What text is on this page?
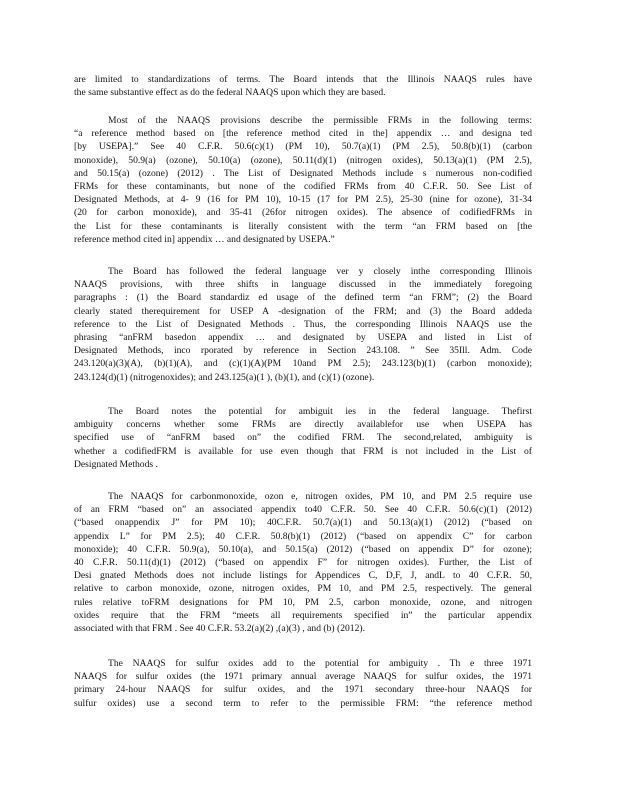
are limited to standardizations of terms. The Board intends that the Illinois NAAQS rules have
the same substantive effect as do the federal NAAQS upon which they are based.
Most of the NAAQS provisions describe the permissible FRMs in the following terms:
“a reference method based on [the reference method cited in the] appendix … and designa ted
[by USEPA].” See 40 C.F.R. 50.6(c)(1) (PM 10), 50.7(a)(1) (PM 2.5), 50.8(b)(1) (carbon
monoxide), 50.9(a) (ozone), 50.10(a) (ozone), 50.11(d)(1) (nitrogen oxides), 50.13(a)(1) (PM 2.5),
and 50.15(a) (ozone) (2012) . The List of Designated Methods include s numerous non-codified
FRMs for these contaminants, but none of the codified FRMs from 40 C.F.R. 50. See List of
Designated Methods, at 4- 9 (16 for PM 10), 10-15 (17 for PM 2.5), 25-30 (nine for ozone), 31-34
(20 for carbon monoxide), and 35-41 (26for nitrogen oxides). The absence of codifiedFRMs in
the List for these contaminants is literally consistent with the term “an FRM based on [the
reference method cited in] appendix … and designated by USEPA.”
The Board has followed the federal language ver y closely inthe corresponding Illinois
NAAQS provisions, with three shifts in language discussed in the immediately foregoing
paragraphs : (1) the Board standardiz ed usage of the defined term “an FRM”; (2) the Board
clearly stated therequirement for USEP A -designation of the FRM; and (3) the Board addeda
reference to the List of Designated Methods . Thus, the corresponding Illinois NAAQS use the
phrasing “anFRM basedon appendix … and designated by USEPA and listed in List of
Designated Methods, inco rporated by reference in Section 243.108. ” See 35Ill. Adm. Code
243.120(a)(3)(A), (b)(1)(A), and (c)(1)(A)(PM 10and PM 2.5); 243.123(b)(1) (carbon monoxide);
243.124(d)(1) (nitrogenoxides); and 243.125(a)(1 ), (b)(1), and (c)(1) (ozone).
The Board notes the potential for ambiguit ies in the federal language. Thefirst
ambiguity concerns whether some FRMs are directly availablefor use when USEPA has
specified use of “anFRM based on” the codified FRM. The second,related, ambiguity is
whether a codifiedFRM is available for use even though that FRM is not included in the List of
Designated Methods .
The NAAQS for carbonmonoxide, ozon e, nitrogen oxides, PM 10, and PM 2.5 require use
of an FRM “based on” an associated appendix to40 C.F.R. 50. See 40 C.F.R. 50.6(c)(1) (2012)
(“based onappendix J” for PM 10); 40C.F.R. 50.7(a)(1) and 50.13(a)(1) (2012) (“based on
appendix L” for PM 2.5); 40 C.F.R. 50.8(b)(1) (2012) (“based on appendix C” for carbon
monoxide); 40 C.F.R. 50.9(a), 50.10(a), and 50.15(a) (2012) (“based on appendix D” for ozone);
40 C.F.R. 50.11(d)(1) (2012) (“based on appendix F” for nitrogen oxides). Further, the List of
Desi gnated Methods does not include listings for Appendices C, D,F, J, andL to 40 C.F.R. 50,
relative to carbon monoxide, ozone, nitrogen oxides, PM 10, and PM 2.5, respectively. The general
rules relative toFRM designations for PM 10, PM 2.5, carbon monoxide, ozone, and nitrogen
oxides require that the FRM “meets all requirements specified in” the particular appendix
associated with that FRM . See 40 C.F.R. 53.2(a)(2) ,(a)(3) , and (b) (2012).
The NAAQS for sulfur oxides add to the potential for ambiguity . Th e three 1971
NAAQS for sulfur oxides (the 1971 primary annual average NAAQS for sulfur oxides, the 1971
primary 24-hour NAAQS for sulfur oxides, and the 1971 secondary three-hour NAAQS for
sulfur oxides) use a second term to refer to the permissible FRM: “the reference method
